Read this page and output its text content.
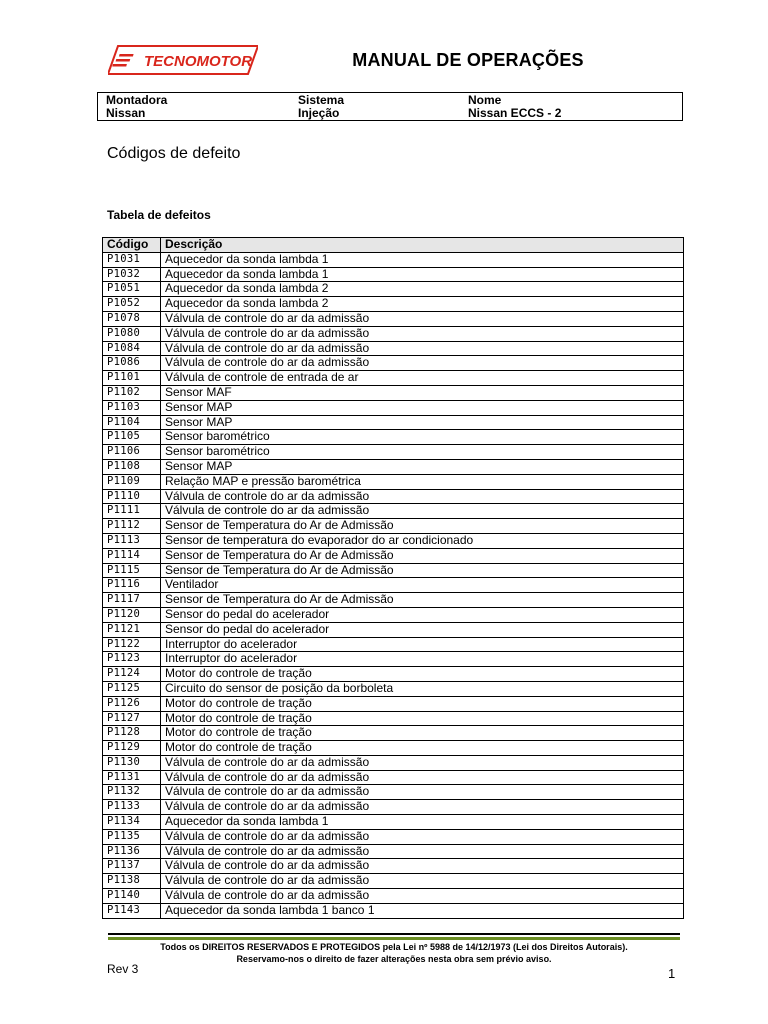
TECNOMOTOR	MANUAL DE OPERAÇÕES
Montadora	Sistema	Nome
Nissan	Injeção	Nissan ECCS - 2
Códigos de defeito
Tabela de defeitos
Código	Descrição
P1031	Aquecedor da sonda lambda 1
P1032	Aquecedor da sonda lambda 1
P1051	Aquecedor da sonda lambda 2
P1052	Aquecedor da sonda lambda 2
P1078	Válvula de controle do ar da admissão
P1080	Válvula de controle do ar da admissão
P1084	Válvula de controle do ar da admissão
P1086	Válvula de controle do ar da admissão
P1101	Válvula de controle de entrada de ar
P1102	Sensor MAF
P1103	Sensor MAP
P1104	Sensor MAP
P1105	Sensor barométrico
P1106	Sensor barométrico
P1108	Sensor MAP
P1109	Relação MAP e pressão barométrica
P1110	Válvula de controle do ar da admissão
P1111	Válvula de controle do ar da admissão
P1112	Sensor de Temperatura do Ar de Admissão
P1113	Sensor de temperatura do evaporador do ar condicionado
P1114	Sensor de Temperatura do Ar de Admissão
P1115	Sensor de Temperatura do Ar de Admissão
P1116	Ventilador
P1117	Sensor de Temperatura do Ar de Admissão
P1120	Sensor do pedal do acelerador
P1121	Sensor do pedal do acelerador
P1122	Interruptor do acelerador
P1123	Interruptor do acelerador
P1124	Motor do controle de tração
P1125	Circuito do sensor de posição da borboleta
P1126	Motor do controle de tração
P1127	Motor do controle de tração
P1128	Motor do controle de tração
P1129	Motor do controle de tração
P1130	Válvula de controle do ar da admissão
P1131	Válvula de controle do ar da admissão
P1132	Válvula de controle do ar da admissão
P1133	Válvula de controle do ar da admissão
P1134	Aquecedor da sonda lambda 1
P1135	Válvula de controle do ar da admissão
P1136	Válvula de controle do ar da admissão
P1137	Válvula de controle do ar da admissão
P1138	Válvula de controle do ar da admissão
P1140	Válvula de controle do ar da admissão
P1143	Aquecedor da sonda lambda 1 banco 1
Todos os DIREITOS RESERVADOS E PROTEGIDOS pela Lei nº 5988 de 14/12/1973 (Lei dos Direitos Autorais).
Reservamo-nos o direito de fazer alterações nesta obra sem prévio aviso.
Rev 3	1
